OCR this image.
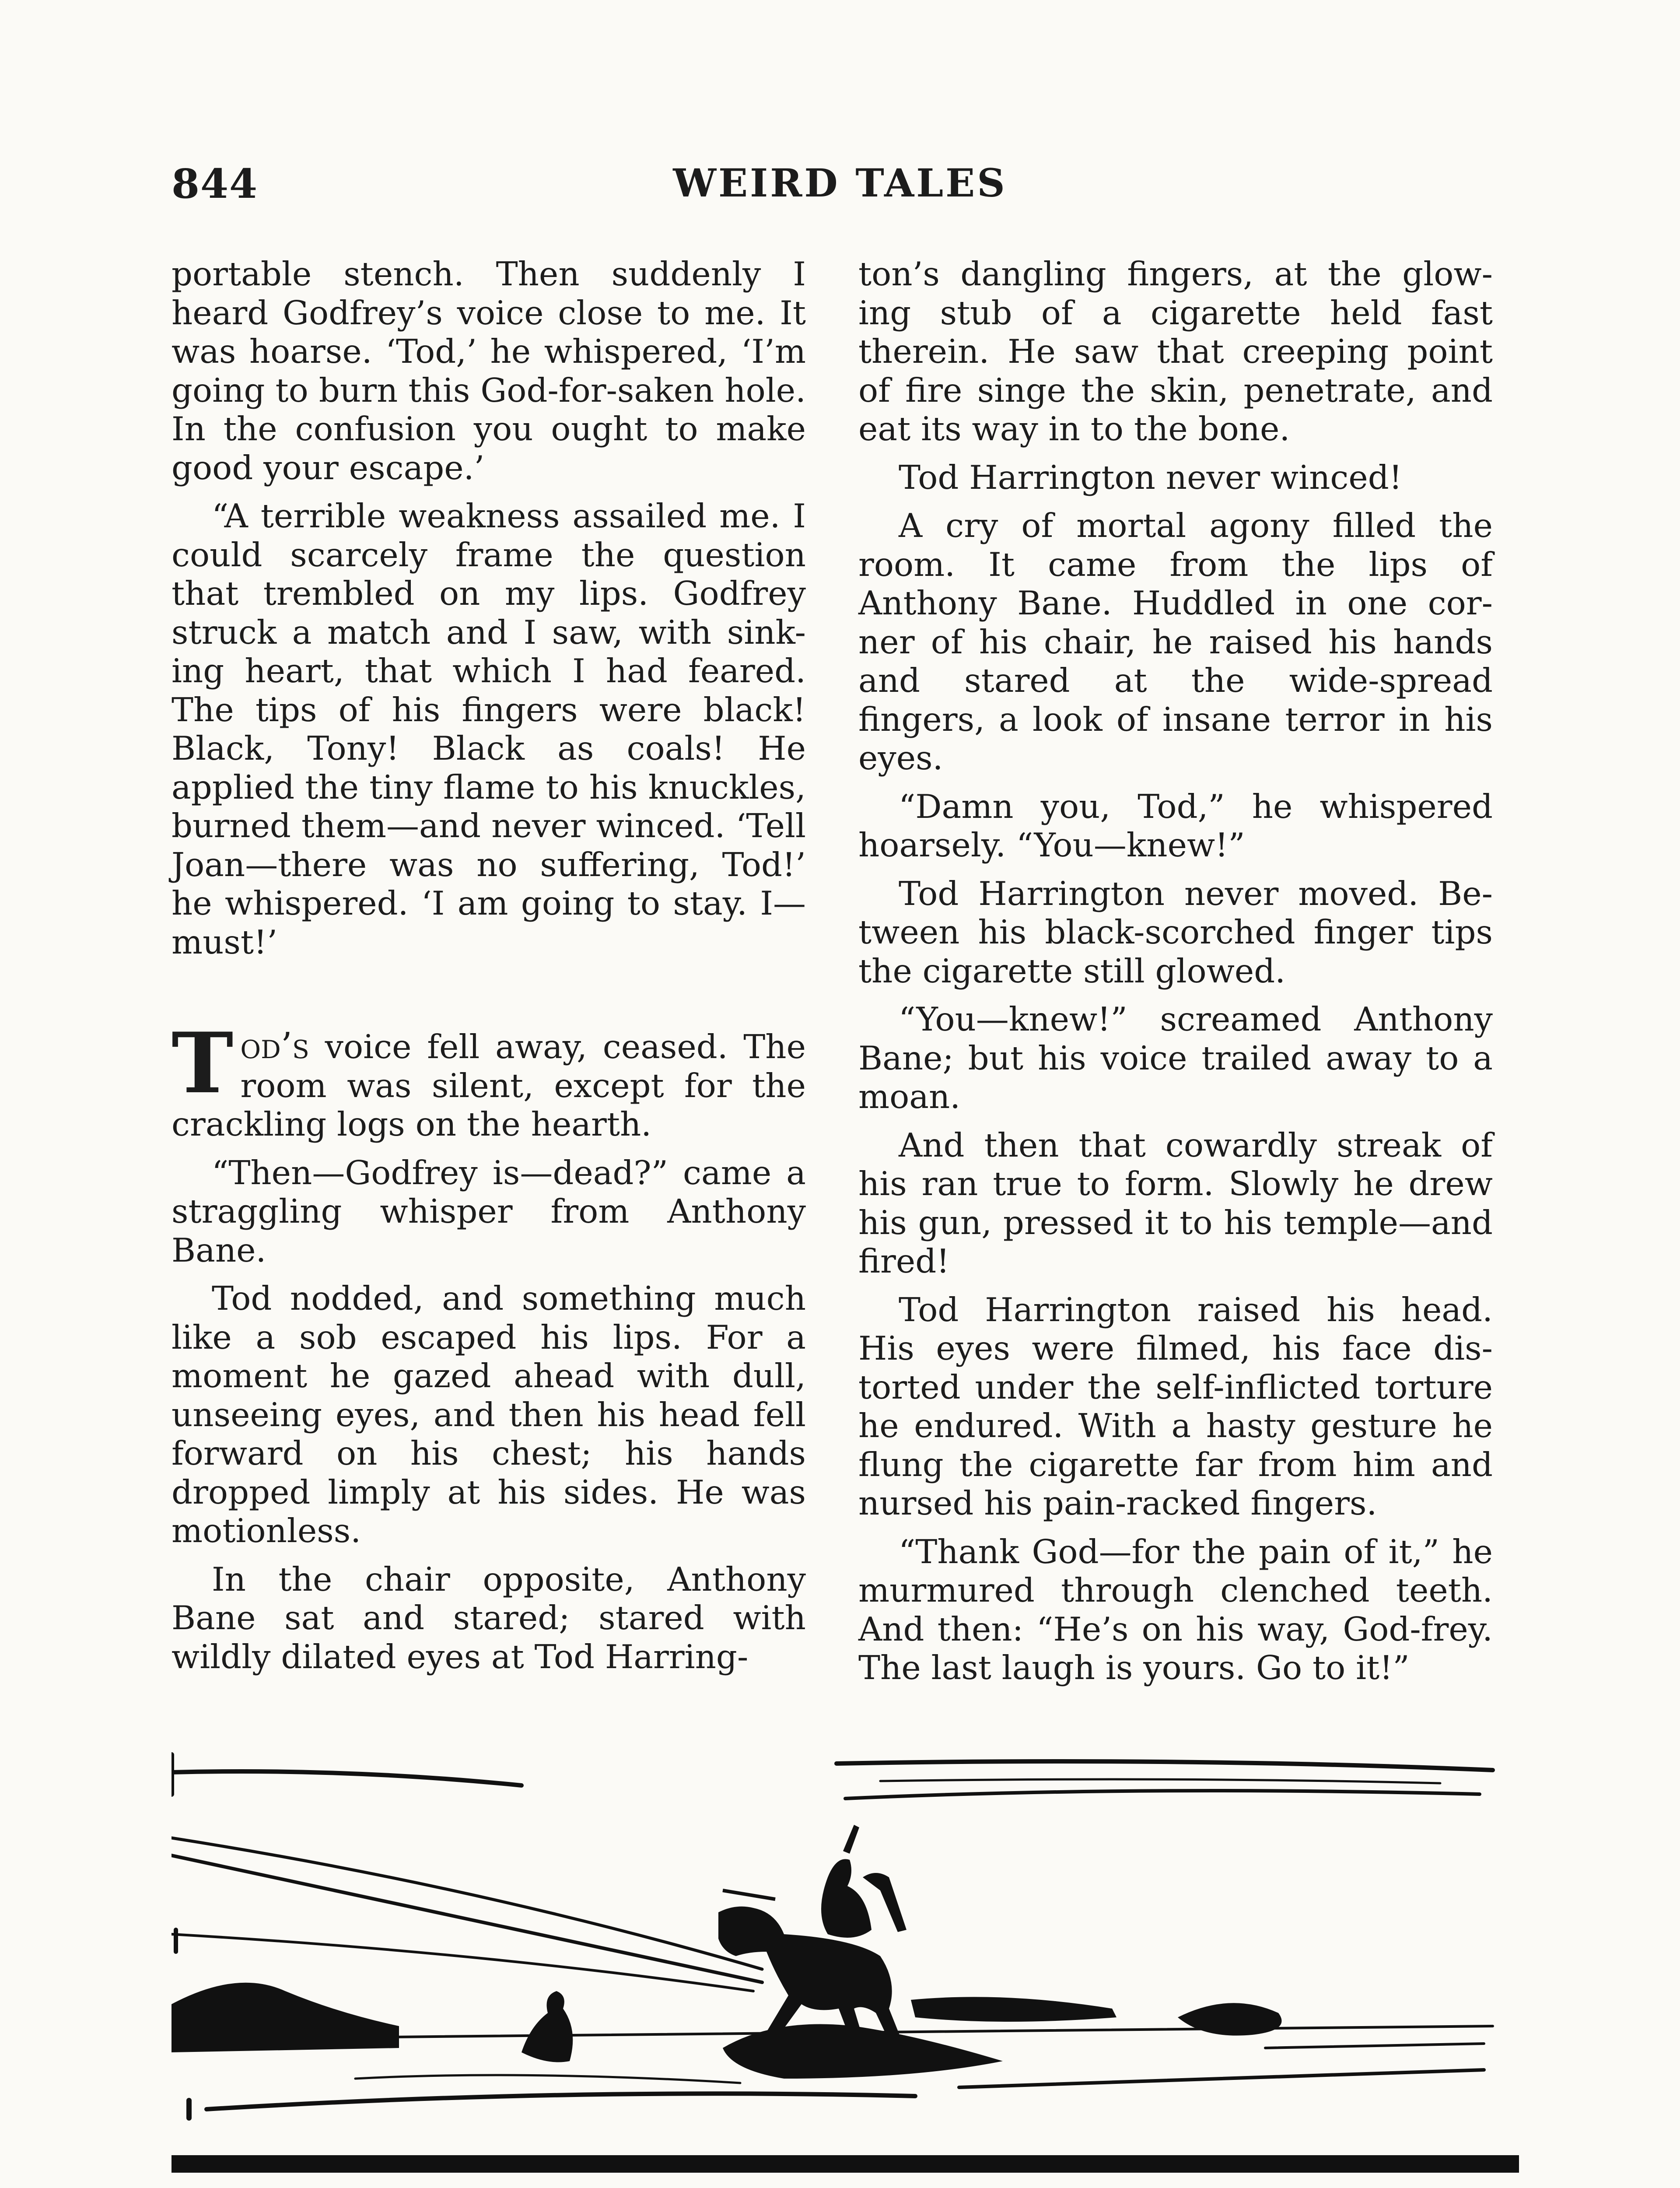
844	WEIRD TALES

portable stench. Then suddenly I heard Godfrey’s voice close to me. It was hoarse. ‘Tod,’ he whispered, ‘I’m going to burn this God-for-saken hole. In the confusion you ought to make good your escape.’

“A terrible weakness assailed me. I could scarcely frame the question that trembled on my lips. Godfrey struck a match and I saw, with sink-ing heart, that which I had feared. The tips of his fingers were black! Black, Tony! Black as coals! He applied the tiny flame to his knuckles, burned them—and never winced. ‘Tell Joan—there was no suffering, Tod!’ he whispered. ‘I am going to stay. I—must!’

Tod’s voice fell away, ceased. The room was silent, except for the crackling logs on the hearth.

“Then—Godfrey is—dead?” came a straggling whisper from Anthony Bane.

Tod nodded, and something much like a sob escaped his lips. For a moment he gazed ahead with dull, unseeing eyes, and then his head fell forward on his chest; his hands dropped limply at his sides. He was motionless.

In the chair opposite, Anthony Bane sat and stared; stared with wildly dilated eyes at Tod Harring-

ton’s dangling fingers, at the glow-ing stub of a cigarette held fast therein. He saw that creeping point of fire singe the skin, penetrate, and eat its way in to the bone.

Tod Harrington never winced!

A cry of mortal agony filled the room. It came from the lips of Anthony Bane. Huddled in one cor-ner of his chair, he raised his hands and stared at the wide-spread fingers, a look of insane terror in his eyes.

“Damn you, Tod,” he whispered hoarsely. “You—knew!”

Tod Harrington never moved. Be-tween his black-scorched finger tips the cigarette still glowed.

“You—knew!” screamed Anthony Bane; but his voice trailed away to a moan.

And then that cowardly streak of his ran true to form. Slowly he drew his gun, pressed it to his temple—and fired!

Tod Harrington raised his head. His eyes were filmed, his face dis-torted under the self-inflicted torture he endured. With a hasty gesture he flung the cigarette far from him and nursed his pain-racked fingers.

“Thank God—for the pain of it,” he murmured through clenched teeth. And then: “He’s on his way, God-frey. The last laugh is yours. Go to it!”
